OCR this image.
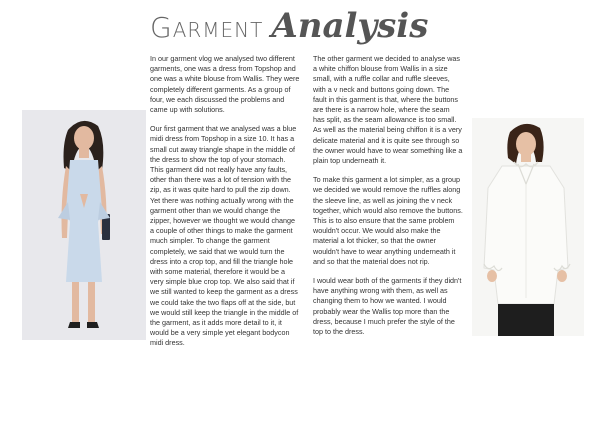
Garment Analysis

In our garment vlog we analysed two different garments, one was a dress from Topshop and one was a white blouse from Wallis. They were completely different garments. As a group of four, we each discussed the problems and came up with solutions.

Our first garment that we analysed was a blue midi dress from Topshop in a size 10. It has a small cut away triangle shape in the middle of the dress to show the top of your stomach. This garment did not really have any faults, other than there was a lot of tension with the zip, as it was quite hard to pull the zip down. Yet there was nothing actually wrong with the garment other than we would change the zipper, however we thought we would change a couple of other things to make the garment much simpler. To change the garment completely, we said that we would turn the dress into a crop top, and fill the triangle hole with some material, therefore it would be a very simple blue crop top. We also said that if we still wanted to keep the garment as a dress we could take the two flaps off at the side, but we would still keep the triangle in the middle of the garment, as it adds more detail to it, it would be a very simple yet elegant bodycon midi dress.

The other garment we decided to analyse was a white chiffon blouse from Wallis in a size small, with a ruffle collar and ruffle sleeves, with a v neck and buttons going down. The fault in this garment is that, where the buttons are there is a narrow hole, where the seam has split, as the seam allowance is too small. As well as the material being chiffon it is a very delicate material and it is quite see through so the owner would have to wear something like a plain top underneath it.

To make this garment a lot simpler, as a group we decided we would remove the ruffles along the sleeve line, as well as joining the v neck together, which would also remove the buttons. This is to also ensure that the same problem wouldn't occur. We would also make the material a lot thicker, so that the owner wouldn't have to wear anything underneath it and so that the material does not rip.

I would wear both of the garments if they didn't have anything wrong with them, as well as changing them to how we wanted. I would probably wear the Wallis top more than the dress, because I much prefer the style of the top to the dress.
